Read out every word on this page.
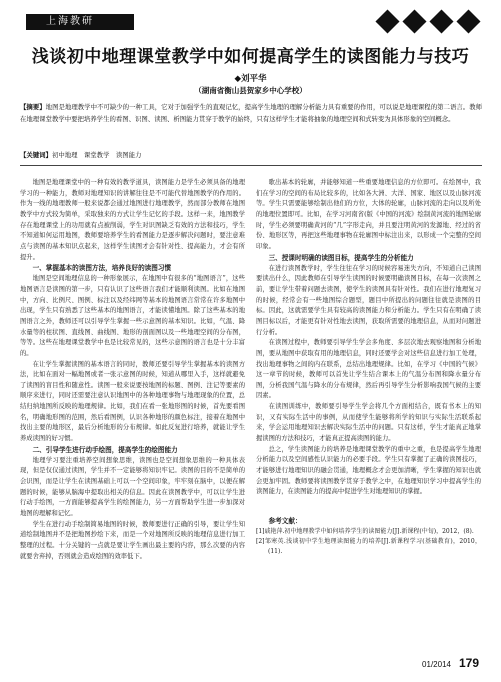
上海教研
浅谈初中地理课堂教学中如何提高学生的读图能力与技巧
◆刘平华
（湖南省衡山县贺家乡中心学校）
【摘要】地图是地理教学中不可缺少的一种工具，它对于加强学生的直观记忆，提高学生地理的理解分析能力具有重要的作用，可以说是地理课程的第二语言。教师在地理课堂教学中要把培养学生的看图、识图、读图、析图能力贯穿于教学的始终，只有这样学生才能将抽象的地理空间和式转变为具体形象的空间概念。
【关键词】初中地理　课堂教学　读图能力

地图是地理课堂中的一种有效的教学道具，读图能力是学生必须具备的地理学习的一种能力，教师对地理知识的讲解往往是不可能代替地图教学的作用的。作为一线的地理教师一般来说都会通过地图进行地理教学，然而部分教师在地图教学中方式较为简单，采取独来的方式让学生记忆的手段。这样一来，地图教学存在地理课堂上的功用就有点被削弱，学生对识图缺乏有效的方法和技巧，学生不知道如何运用地图，教师要培养学生的看图能力是逐步解决问题时，要注意难点与读图的基本知识点起来，这样学生读图才会有针对性、提高能力，才会有所提升。

一、掌握基本的读图方法，培养良好的读图习惯

地图是空间地理信息的一种形象展示，在地图中有很多的“地图语言”，这些地图语言是读图的第一步，只有认识了这些语言我们才能顺利读图。比如在地图中，方向、比例尺、图例、标注以及经纬网等基本的地图语言常常在许多地图中出现，学生只有熟悉了这些基本的地图语言，才能读懂地图。除了这些基本的地图语言之外，教师还可以引导学生掌握一些示意图的基本知识。比如，气温、降水量等的柱状图、直线图、曲线图、地形的剖面图以及一些地理空间的分布图，等等。这些在地理课堂教学中也是比较常见的，这些示意图的语言也是十分丰富的。

在让学生掌握读图的基本语言的同时，教师还要引导学生掌握基本的读图方法，比如在面对一幅地图或者一张示意图的时候，知道从哪里入手，这样就避免了读图的盲目性和随意性。读图一般来说要按地图的标题、图例、注记等要素的顺序来进行，同时还需要注意认识地图中的各种地理事物与地理现象的位置，总结归纳地图所反映的地理规律。比如，我们在看一张地形图的时候，首先要看图名，明确地形图的范围，然后看图例，认识各种地形的颜色标注，接着在地图中找出主要的地形区，最后分析地形的分布规律。如此反复进行培养，就能让学生养成读图的好习惯。

二、引导学生进行动手绘图，提高学生的绘图能力

地理学习要注重培养空间想象思维，读图也是空间想象思维的一种具体表现，但是仅仅通过读图，学生并不一定能够将知识牢记。读图的目的不是简单的会识图，而是让学生在读图基础上可以一个空间印象，牢牢刻在脑中，以便在解题的时候，能够从脑海中提取出相关的信息。因此在读图教学中，可以让学生进行动手绘图，一方面能够提高学生的绘图能力，另一方面帮助学生进一步加深对地图的理解和记忆。

学生在进行动手绘制简易地图的时候，教师要进行正确的引导，要让学生知道绘制地图并不是把地图抄绘下来，而是一个对地图所反映的地理信息进行加工整理的过程。十分关键的一点就是要让学生画出最主要的内容，那么次要的内容就要舍弃掉，否则就会造成绘图的效率低下。

歌出基本的轮廓，并能够知道一些重要地理信息的方位即可。在绘图中，我们在学习的空间的布局比较多的，比如各大洲、大洋、国家、地区以及山脉河流等。学生只需要能够绘制出他们的方位，大体的轮廓，山脉河流的走向以及所处的地理位置即可。比如，在学习河南省(版《中国的河流》绘制黄河流的地图轮廓时，学生必须要明确黄河的“几”字形走向，并且要注明黄河的发源地、经过的省份、地形区等，再把这些地理事物在轮廓图中标注出来，以形成一个完整的空间印象。

三、授课时明确的读图目标，提高学生的分析能力

在进行读图教学时，学生往往在学习的时候容易迷失方向，不知道自己读图要读出什么，因此教师在引导学生读图的时候要明确读图目标，在每一次读图之前，要让学生带着问题去读图，使学生的读图具有针对性。我们在进行地理复习的时候，经常会有一些地图综合题型，题目中所提出的问题往往就是读图的目标。因此，这就需要学生具有较高的读图能力和分析能力。学生只有在明确了读图目标以后，才能更有针对性地去读图，获取所需要的地理信息，从而对问题进行分析。

在读图过程中，教师要引导学生学会多角度、多层次地去观察地图和分析地图，要从地图中获取有用的地理信息，同时还要学会对这些信息进行加工处理，找出地理事物之间的内在联系，总结出地理规律。比如，在学习《中国的气候》这一章节的时候，教师可以首先让学生结合课本上的气温分布图和降水量分布图，分析我国气温与降水的分布规律，然后再引导学生分析影响我国气候的主要因素。

在读图训练中，教师要引导学生学会将几个方面相结合，既有书本上的知识，又有实际生活中的事例，从而使学生能够将所学的知识与实际生活联系起来，学会运用地理知识去解决实际生活中的问题。只有这样，学生才能真正地掌握读图的方法和技巧，才能真正提高读图的能力。

总之，学生读图能力的培养是地理课堂教学的重中之重，也是提高学生地理分析能力以及空间感性认识能力的必要手段。学生只有掌握了正确的读图技巧，才能够进行地理知识的融会贯通，地理概念才会更加清晰，学生掌握的知识也就会更加牢固。教师要将读图教学贯穿于教学之中，在地理知识学习中提高学生的读图能力，在读图能力的提高中促进学生对地理知识的掌握。

参考文献：
[1]戚艳萍.初中地理教学中如何培养学生的读图能力[J].新课程(中旬)，2012，(8).
[2]邹寒英.浅谈初中学生地理读图能力的培养[J].新课程学习(基础教育)，2010，(11).
01/2014 179
